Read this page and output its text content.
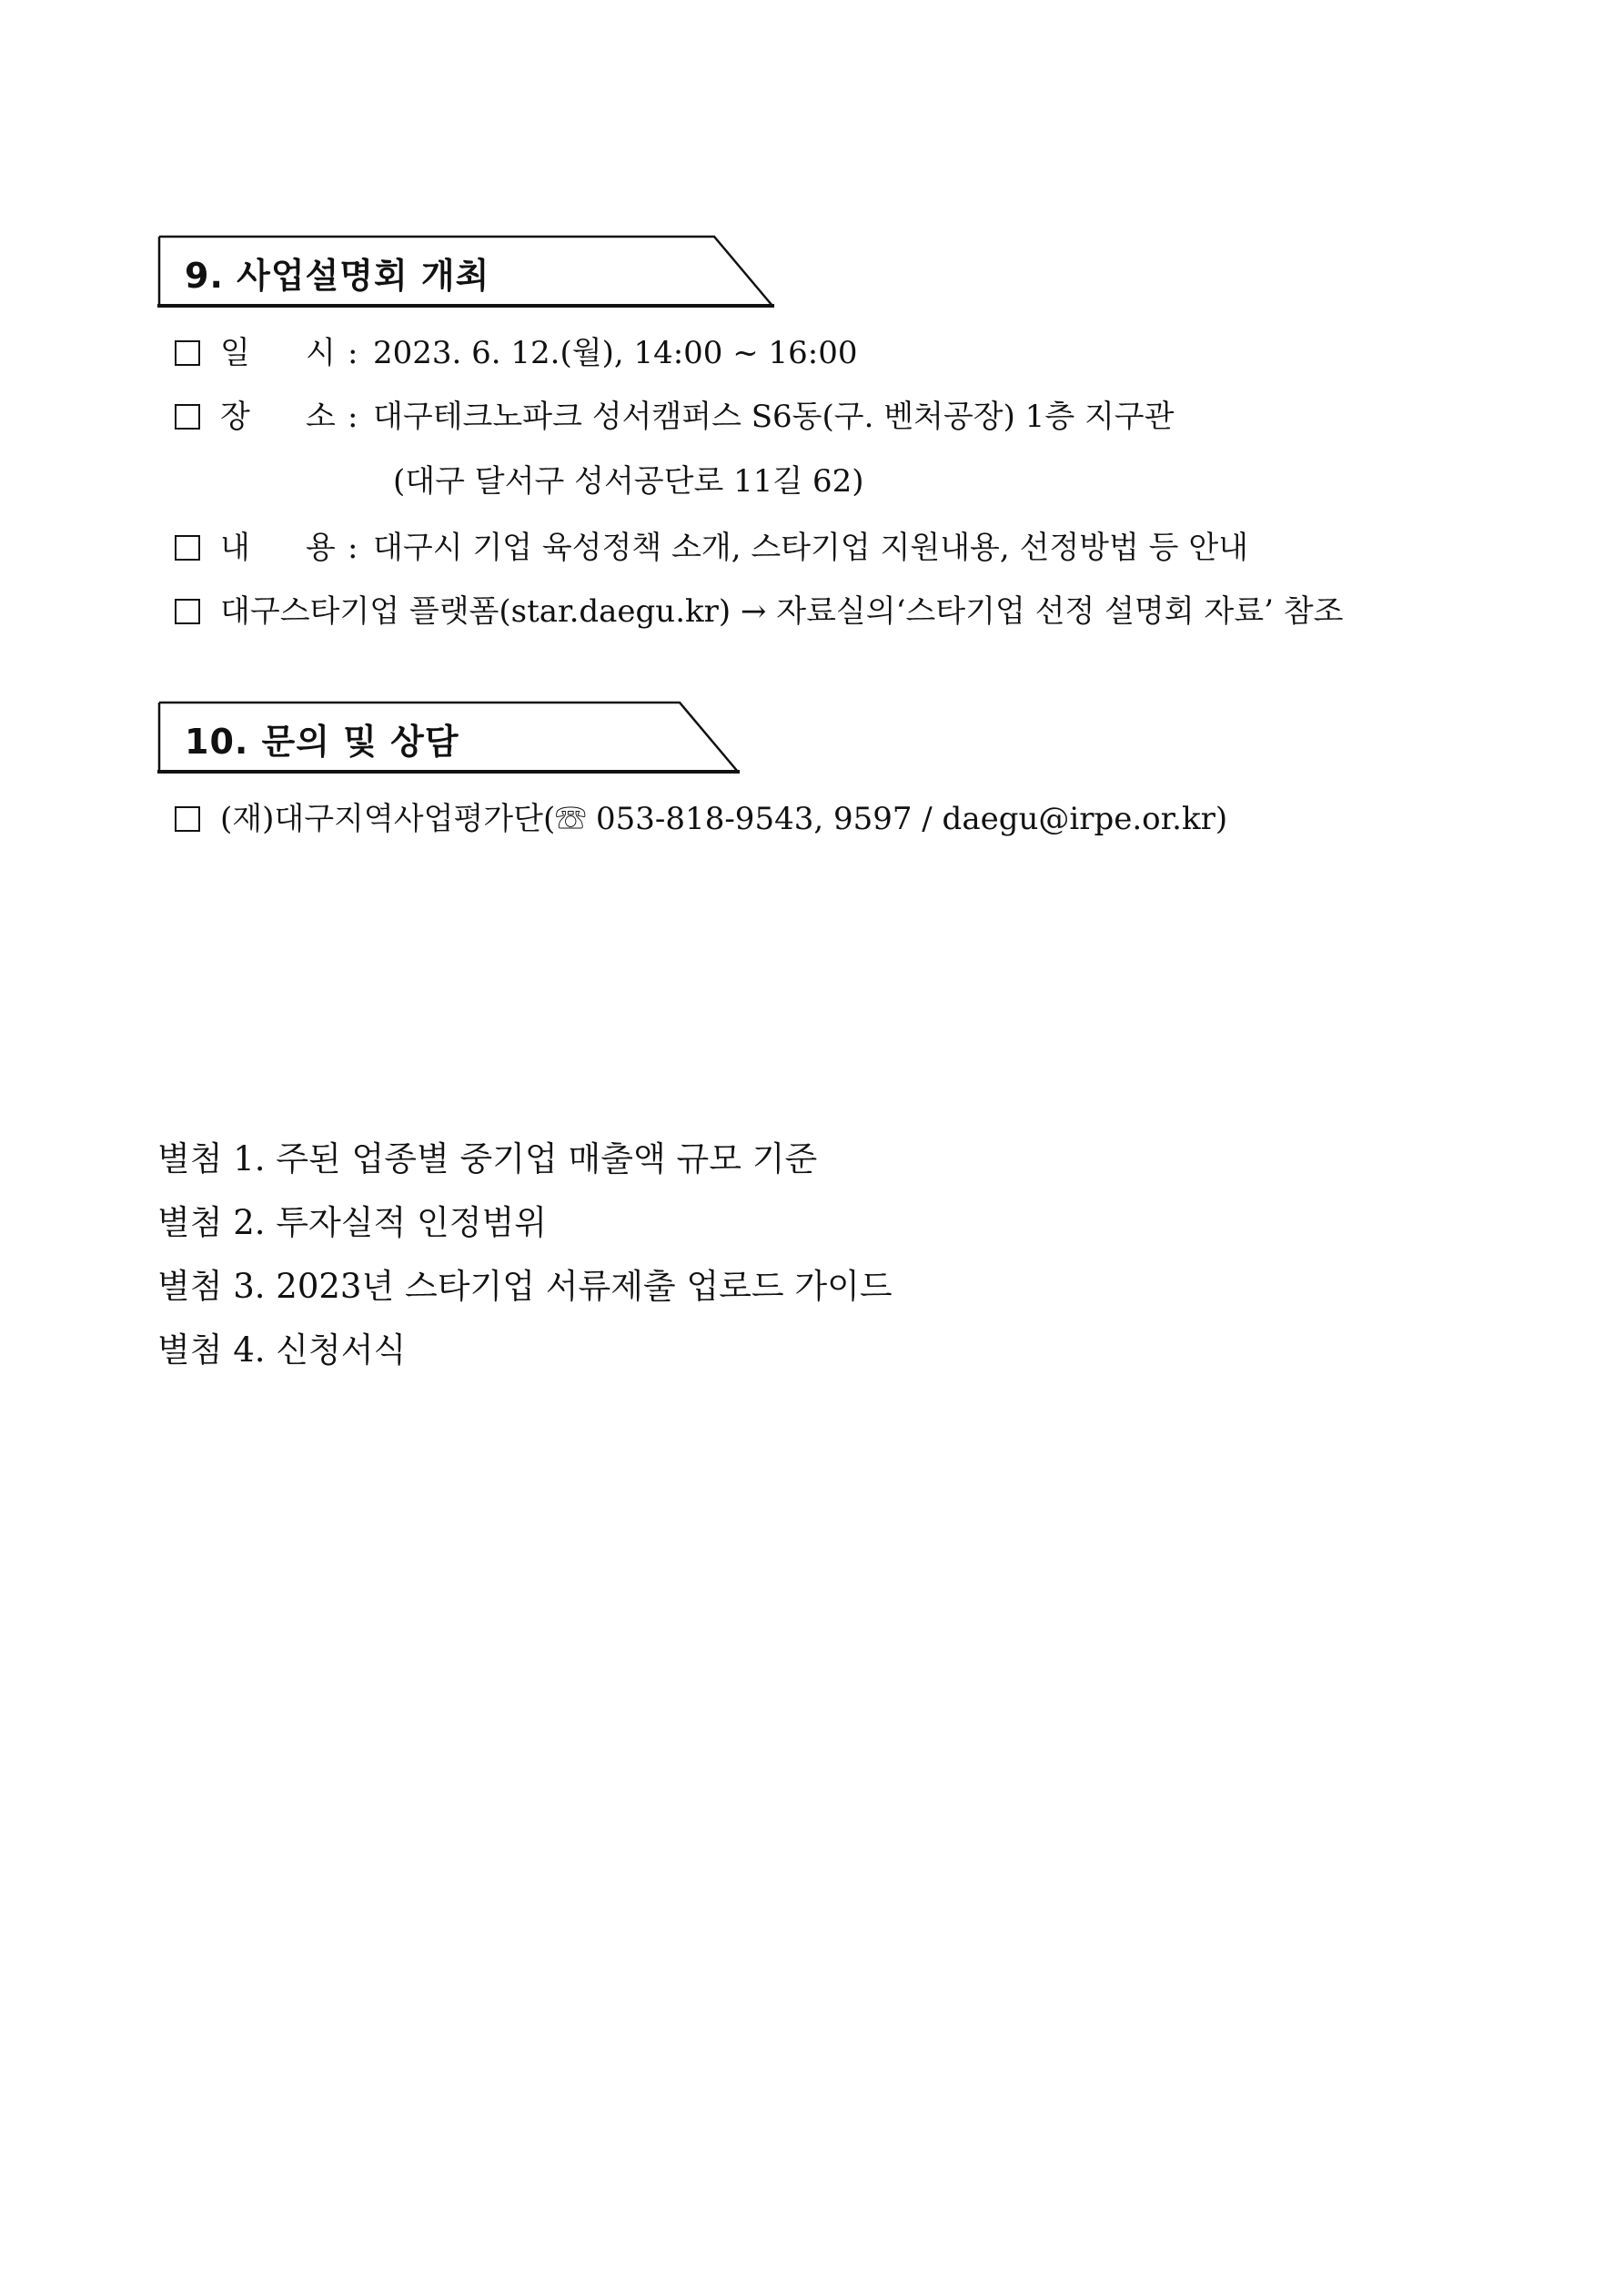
9. 사업설명회 개최
일 시 : 2023. 6. 12.(월), 14:00 ~ 16:00
장 소 : 대구테크노파크 성서캠퍼스 S6동(구. 벤처공장) 1층 지구관
(대구 달서구 성서공단로 11길 62)
내 용 : 대구시 기업 육성정책 소개, 스타기업 지원내용, 선정방법 등 안내
대구스타기업 플랫폼(star.daegu.kr) → 자료실의‘스타기업 선정 설명회 자료’ 참조
10. 문의 및 상담
(재)대구지역사업평가단(☏ 053-818-9543, 9597 / daegu@irpe.or.kr)
별첨 1. 주된 업종별 중기업 매출액 규모 기준
별첨 2. 투자실적 인정범위
별첨 3. 2023년 스타기업 서류제출 업로드 가이드
별첨 4. 신청서식
